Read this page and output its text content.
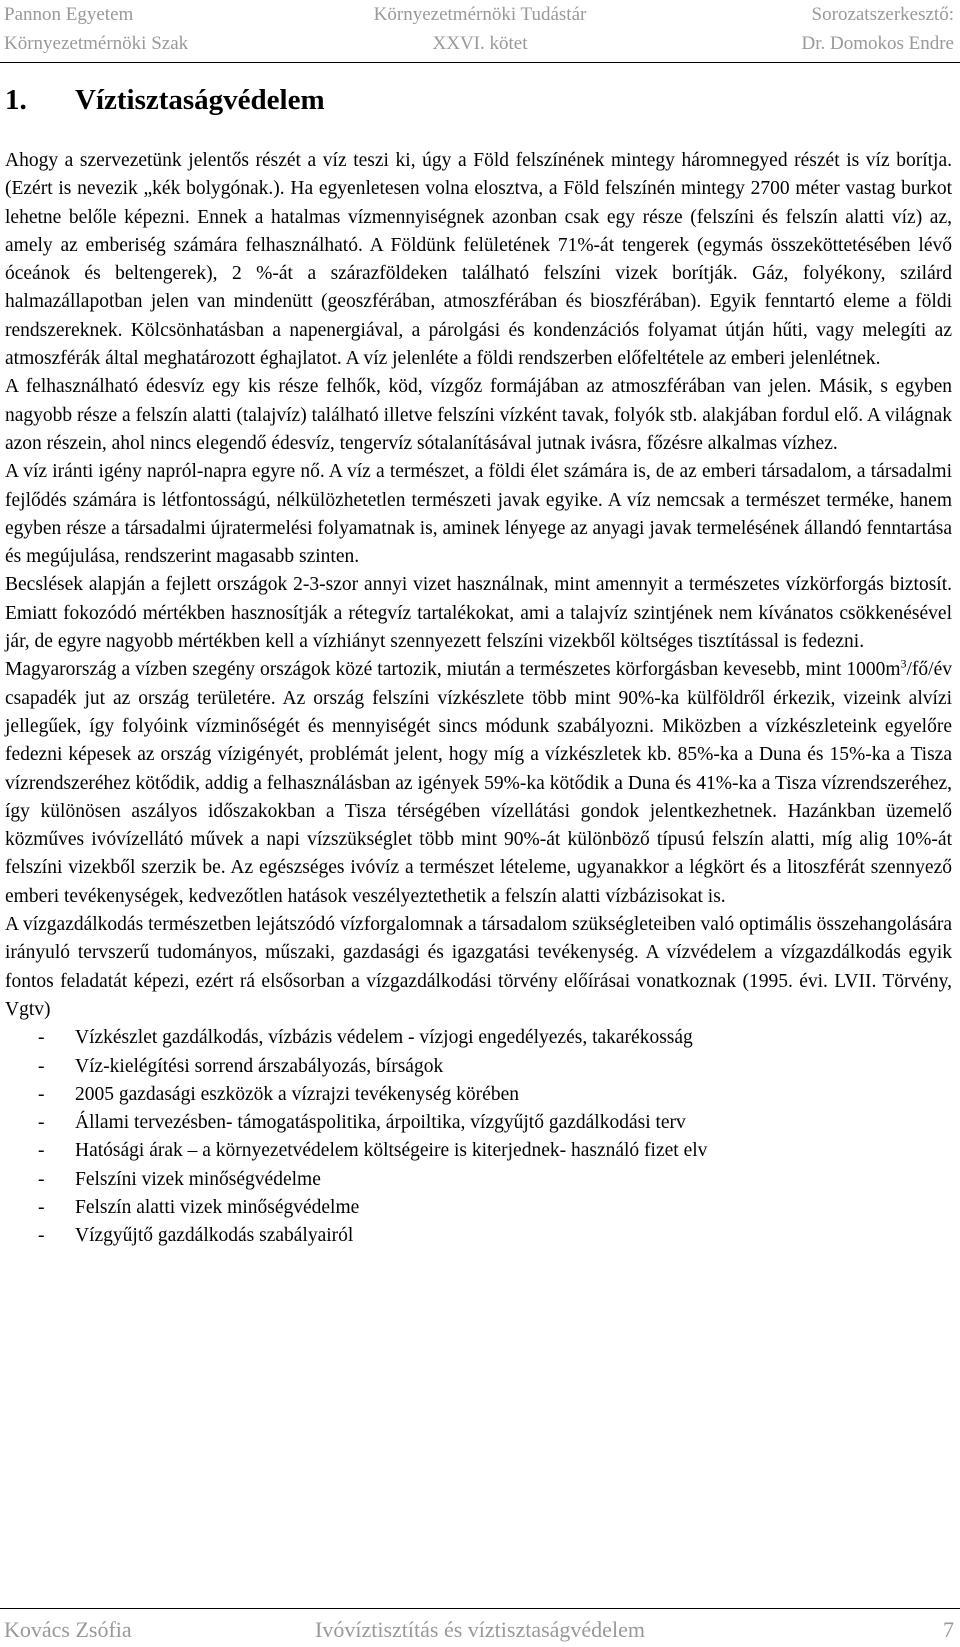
Pannon Egyetem
Környezetmérnöki Szak
Környezetmérnöki Tudástár
XXVI. kötet
Sorozatszerkesztő:
Dr. Domokos Endre
1. Víztisztaságvédelem

Ahogy a szervezetünk jelentős részét a víz teszi ki, úgy a Föld felszínének mintegy háromnegyed részét is víz borítja. (Ezért is nevezik „kék bolygónak.). Ha egyenletesen volna elosztva, a Föld felszínén mintegy 2700 méter vastag burkot lehetne belőle képezni. Ennek a hatalmas vízmennyiségnek azonban csak egy része (felszíni és felszín alatti víz) az, amely az emberiség számára felhasználható. A Földünk felületének 71%-át tengerek (egymás összeköttetésében lévő óceánok és beltengerek), 2 %-át a szárazföldeken található felszíni vizek borítják. Gáz, folyékony, szilárd halmazállapotban jelen van mindenütt (geoszférában, atmoszférában és bioszférában). Egyik fenntartó eleme a földi rendszereknek. Kölcsönhatásban a napenergiával, a párolgási és kondenzációs folyamat útján hűti, vagy melegíti az atmoszférák által meghatározott éghajlatot. A víz jelenléte a földi rendszerben előfeltétele az emberi jelenlétnek.

A felhasználható édesvíz egy kis része felhők, köd, vízgőz formájában az atmoszférában van jelen. Másik, s egyben nagyobb része a felszín alatti (talajvíz) található illetve felszíni vízként tavak, folyók stb. alakjában fordul elő. A világnak azon részein, ahol nincs elegendő édesvíz, tengervíz sótalanításával jutnak ivásra, főzésre alkalmas vízhez.

A víz iránti igény napról-napra egyre nő. A víz a természet, a földi élet számára is, de az emberi társadalom, a társadalmi fejlődés számára is létfontosságú, nélkülözhetetlen természeti javak egyike. A víz nemcsak a természet terméke, hanem egyben része a társadalmi újratermelési folyamatnak is, aminek lényege az anyagi javak termelésének állandó fenntartása és megújulása, rendszerint magasabb szinten.

Becslések alapján a fejlett országok 2-3-szor annyi vizet használnak, mint amennyit a természetes vízkörforgás biztosít. Emiatt fokozódó mértékben hasznosítják a rétegvíz tartalékokat, ami a talajvíz szintjének nem kívánatos csökkenésével jár, de egyre nagyobb mértékben kell a vízhiányt szennyezett felszíni vizekből költséges tisztítással is fedezni.

Magyarország a vízben szegény országok közé tartozik, miután a természetes körforgásban kevesebb, mint $1000m^3/fő/év$ csapadék jut az ország területére. Az ország felszíni vízkészlete több mint 90%-ka külföldről érkezik, vizeink alvízi jellegűek, így folyóink vízminőségét és mennyiségét sincs módunk szabályozni. Miközben a vízkészleteink egyelőre fedezni képesek az ország vízigényét, problémát jelent, hogy míg a vízkészletek kb. 85%-ka a Duna és 15%-ka a Tisza vízrendszeréhez kötődik, addig a felhasználásban az igények 59%-ka kötődik a Duna és 41%-ka a Tisza vízrendszeréhez, így különösen aszályos időszakokban a Tisza térségében vízellátási gondok jelentkezhetnek. Hazánkban üzemelő közműves ivóvízellátó művek a napi vízszükséglet több mint 90%-át különböző típusú felszín alatti, míg alig 10%-át felszíni vizekből szerzik be. Az egészséges ivóvíz a természet lételeme, ugyanakkor a légkört és a litoszférát szennyező emberi tevékenységek, kedvezőtlen hatások veszélyeztethetik a felszín alatti vízbázisokat is.

A vízgazdálkodás természetben lejátszódó vízforgalomnak a társadalom szükségleteiben való optimális összehangolására irányuló tervszerű tudományos, műszaki, gazdasági és igazgatási tevékenység. A vízvédelem a vízgazdálkodás egyik fontos feladatát képezi, ezért rá elsősorban a vízgazdálkodási törvény előírásai vonatkoznak (1995. évi. LVII. Törvény, Vgtv)

- Vízkészlet gazdálkodás, vízbázis védelem - vízjogi engedélyezés, takarékosság
- Víz-kielégítési sorrend árszabályozás, bírságok
- 2005 gazdasági eszközök a vízrajzi tevékenység körében
- Állami tervezésben- támogatáspolitika, árpoiltika, vízgyűjtő gazdálkodási terv
- Hatósági árak – a környezetvédelem költségeire is kiterjednek- használó fizet elv
- Felszíni vizek minőségvédelme
- Felszín alatti vizek minőségvédelme
- Vízgyűjtő gazdálkodás szabályairól
Kovács Zsófia	Ivóvíztisztítás és víztisztaságvédelem	7
